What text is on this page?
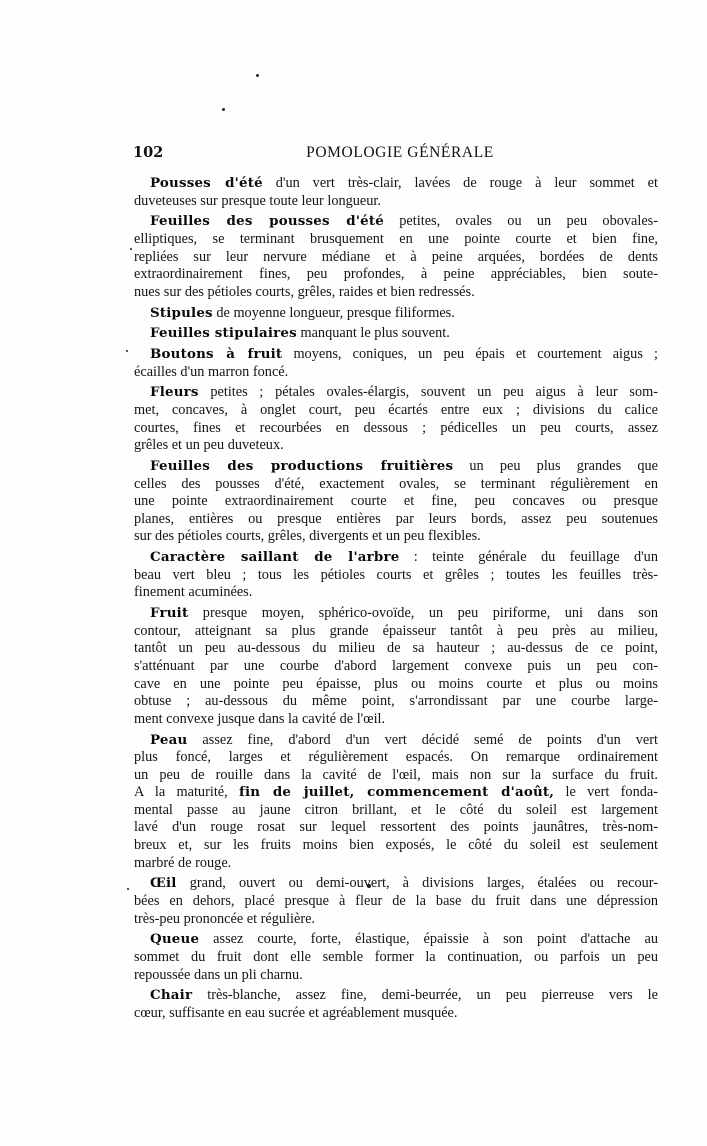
102	POMOLOGIE GÉNÉRALE
Pousses d'été d'un vert très-clair, lavées de rouge à leur sommet et
duveteuses sur presque toute leur longueur.
Feuilles des pousses d'été petites, ovales ou un peu obovales-
elliptiques, se terminant brusquement en une pointe courte et bien fine,
repliées sur leur nervure médiane et à peine arquées, bordées de dents
extraordinairement fines, peu profondes, à peine appréciables, bien soute-
nues sur des pétioles courts, grêles, raides et bien redressés.
Stipules de moyenne longueur, presque filiformes.
Feuilles stipulaires manquant le plus souvent.
Boutons à fruit moyens, coniques, un peu épais et courtement aigus ;
écailles d'un marron foncé.
Fleurs petites ; pétales ovales-élargis, souvent un peu aigus à leur som-
met, concaves, à onglet court, peu écartés entre eux ; divisions du calice
courtes, fines et recourbées en dessous ; pédicelles un peu courts, assez
grêles et un peu duveteux.
Feuilles des productions fruitières un peu plus grandes que
celles des pousses d'été, exactement ovales, se terminant régulièrement en
une pointe extraordinairement courte et fine, peu concaves ou presque
planes, entières ou presque entières par leurs bords, assez peu soutenues
sur des pétioles courts, grêles, divergents et un peu flexibles.
Caractère saillant de l'arbre : teinte générale du feuillage d'un
beau vert bleu ; tous les pétioles courts et grêles ; toutes les feuilles très-
finement acuminées.
Fruit presque moyen, sphérico-ovoïde, un peu piriforme, uni dans son
contour, atteignant sa plus grande épaisseur tantôt à peu près au milieu,
tantôt un peu au-dessous du milieu de sa hauteur ; au-dessus de ce point,
s'atténuant par une courbe d'abord largement convexe puis un peu con-
cave en une pointe peu épaisse, plus ou moins courte et plus ou moins
obtuse ; au-dessous du même point, s'arrondissant par une courbe large-
ment convexe jusque dans la cavité de l'œil.
Peau assez fine, d'abord d'un vert décidé semé de points d'un vert
plus foncé, larges et régulièrement espacés. On remarque ordinairement
un peu de rouille dans la cavité de l'œil, mais non sur la surface du fruit.
A la maturité, fin de juillet, commencement d'août, le vert fonda-
mental passe au jaune citron brillant, et le côté du soleil est largement
lavé d'un rouge rosat sur lequel ressortent des points jaunâtres, très-nom-
breux et, sur les fruits moins bien exposés, le côté du soleil est seulement
marbré de rouge.
Œil grand, ouvert ou demi-ouvert, à divisions larges, étalées ou recour-
bées en dehors, placé presque à fleur de la base du fruit dans une dépression
très-peu prononcée et régulière.
Queue assez courte, forte, élastique, épaissie à son point d'attache au
sommet du fruit dont elle semble former la continuation, ou parfois un peu
repoussée dans un pli charnu.
Chair très-blanche, assez fine, demi-beurrée, un peu pierreuse vers le
cœur, suffisante en eau sucrée et agréablement musquée.
